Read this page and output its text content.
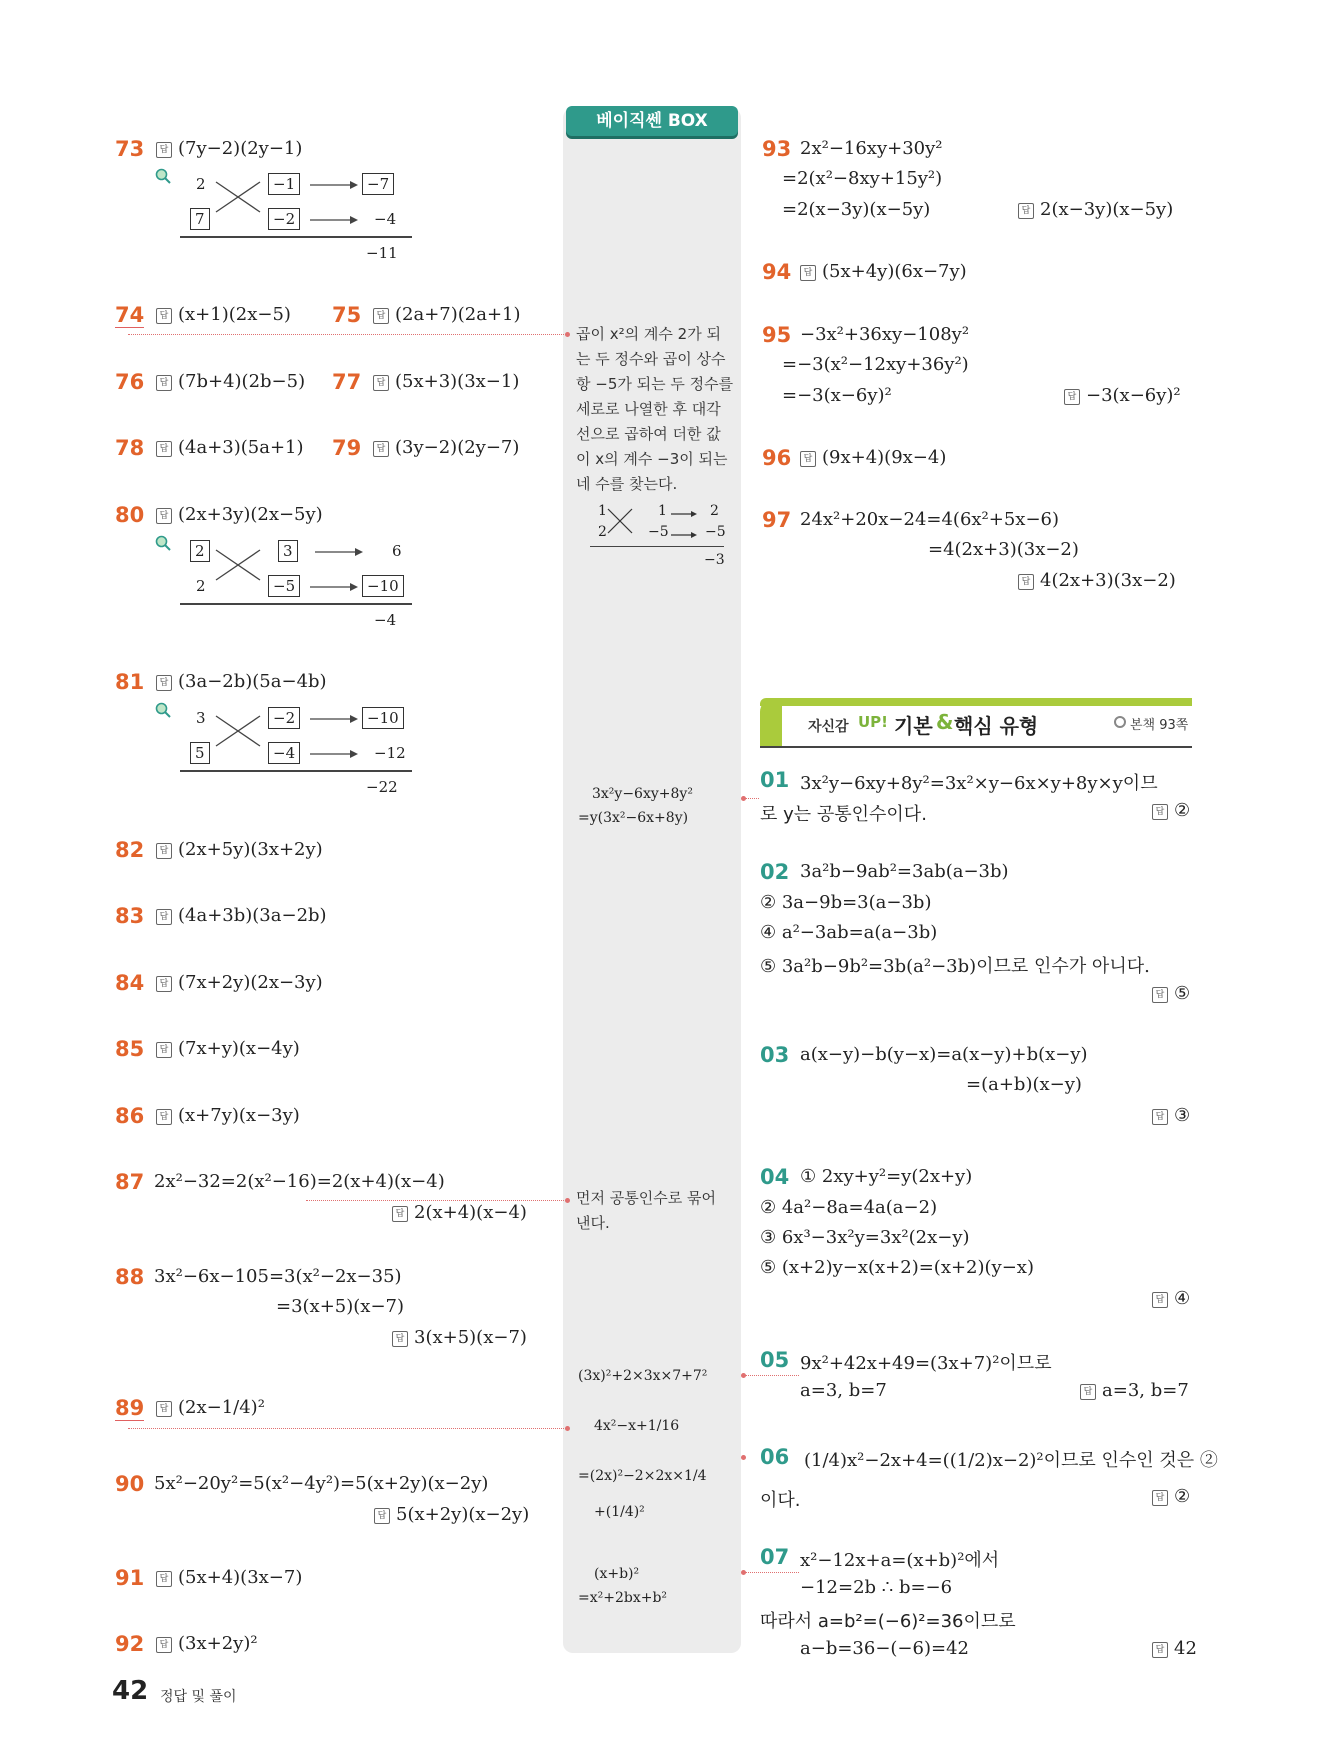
베이직쎈 BOX
73 답	(7y−2)(2y−1)
2	−1	−7
7	−2	−4
−11
74 답	(x+1)(2x−5) 75 답	(2a+7)(2a+1)
76 답	(7b+4)(2b−5) 77 답	(5x+3)(3x−1)
78 답	(4a+3)(5a+1) 79 답	(3y−2)(2y−7)
80 답	(2x+3y)(2x−5y)
2	3	6
2	−5	−10
−4
81 답	(3a−2b)(5a−4b)
3	−2	−10
5	−4	−12
−22
82 답	(2x+5y)(3x+2y)
83 답	(4a+3b)(3a−2b)
84 답	(7x+2y)(2x−3y)
85 답	(7x+y)(x−4y)
86 답	(x+7y)(x−3y)
87 2x²−32=2(x²−16)=2(x+4)(x−4)
답2(x+4)(x−4)
88 3x²−6x−105=3(x²−2x−35)
=3(x+5)(x−7)
답3(x+5)(x−7)
89 답	(2x−1/4)²
90 5x²−20y²=5(x²−4y²)=5(x+2y)(x−2y)
답5(x+2y)(x−2y)
91 답	(5x+4)(3x−7)
92 답	(3x+2y)²
곱이 x²의 계수 2가 되는 두 정수와 곱이 상수항 −5가 되는 두 정수를 세로로 나열한 후 대각선으로 곱하여 더한 값이 x의 계수 −3이 되는 네 수를 찾는다.
1	1	2
2	−5	−5
−3
3x²y−6xy+8y²
=y(3x²−6x+8y)
먼저 공통인수로 묶어 낸다.
(3x)²+2×3x×7+7²
4x²−x+1/16
=(2x)²−2×2x×1/4
+(1/4)²
(x+b)²
=x²+2bx+b²
93 2x²−16xy+30y²
=2(x²−8xy+15y²)
=2(x−3y)(x−5y) 답	2(x−3y)(x−5y)
94 답	(5x+4y)(6x−7y)
95 −3x²+36xy−108y²
=−3(x²−12xy+36y²)
=−3(x−6y)² 답	−3(x−6y)²
96 답	(9x+4)(9x−4)
97 24x²+20x−24=4(6x²+5x−6)
=4(2x+3)(3x−2)
답4(2x+3)(3x−2)
자신감 UP! 기본 & 핵심 유형	본책 93쪽
01 3x²y−6xy+8y²=3x²×y−6x×y+8y×y이므
로 y는 공통인수이다. 답	②
02 3a²b−9ab²=3ab(a−3b)
② 3a−9b=3(a−3b)
④ a²−3ab=a(a−3b)
⑤ 3a²b−9b²=3b(a²−3b)이므로 인수가 아니다.
답⑤
03 a(x−y)−b(y−x)=a(x−y)+b(x−y)
=(a+b)(x−y)
답③
04 ① 2xy+y²=y(2x+y)
② 4a²−8a=4a(a−2)
③ 6x³−3x²y=3x²(2x−y)
⑤ (x+2)y−x(x+2)=(x+2)(y−x)
답④
05 9x²+42x+49=(3x+7)²이므로
a=3, b=7 답	a=3, b=7
06 (1/4)x²−2x+4=((1/2)x−2)²이므로 인수인 것은 ②
이다. 답	②
07 x²−12x+a=(x+b)²에서
−12=2b ∴ b=−6
따라서 a=b²=(−6)²=36이므로
a−b=36−(−6)=42 답	42
42 정답 및 풀이
